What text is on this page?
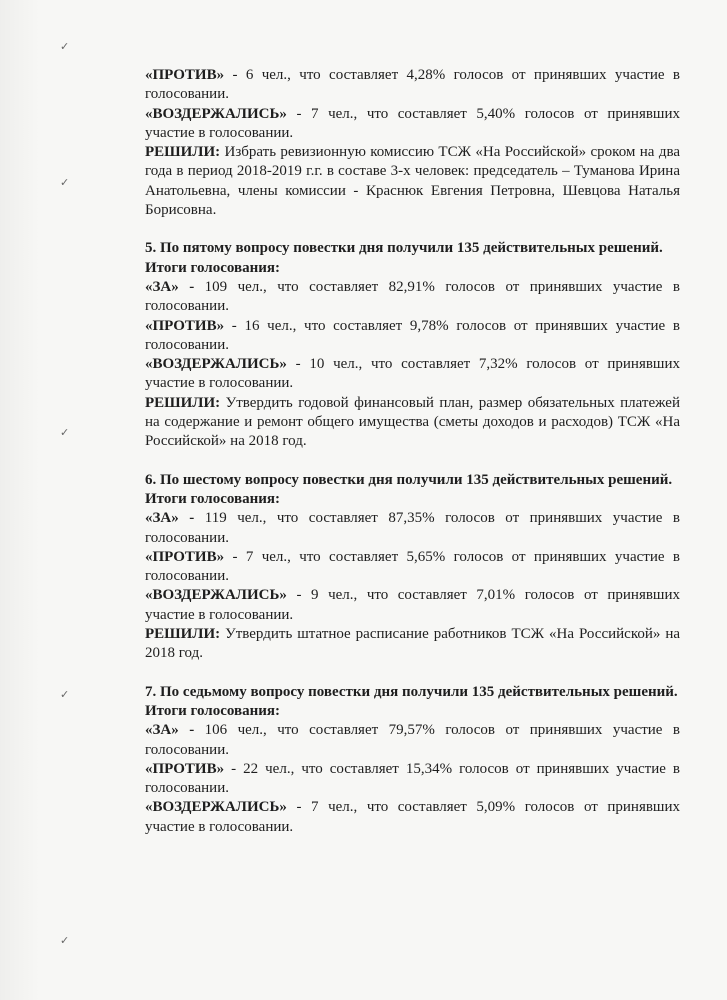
✓
✓
✓
✓
✓

«ПРОТИВ» - 6 чел., что составляет 4,28% голосов от принявших участие в голосовании.

«ВОЗДЕРЖАЛИСЬ» - 7 чел., что составляет 5,40% голосов от принявших участие в голосовании.

РЕШИЛИ: Избрать ревизионную комиссию ТСЖ «На Российской» сроком на два года в период 2018-2019 г.г. в составе 3-х человек: председатель – Туманова Ирина Анатольевна, члены комиссии - Краснюк Евгения Петровна, Шевцова Наталья Борисовна.

5. По пятому вопросу повестки дня получили 135 действительных решений.

Итоги голосования:

«ЗА» - 109 чел., что составляет 82,91% голосов от принявших участие в голосовании.

«ПРОТИВ» - 16 чел., что составляет 9,78% голосов от принявших участие в голосовании.

«ВОЗДЕРЖАЛИСЬ» - 10 чел., что составляет 7,32% голосов от принявших участие в голосовании.

РЕШИЛИ: Утвердить годовой финансовый план, размер обязательных платежей на содержание и ремонт общего имущества (сметы доходов и расходов) ТСЖ «На Российской» на 2018 год.

6. По шестому вопросу повестки дня получили 135 действительных решений.

Итоги голосования:

«ЗА» - 119 чел., что составляет 87,35% голосов от принявших участие в голосовании.

«ПРОТИВ» - 7 чел., что составляет 5,65% голосов от принявших участие в голосовании.

«ВОЗДЕРЖАЛИСЬ» - 9 чел., что составляет 7,01% голосов от принявших участие в голосовании.

РЕШИЛИ: Утвердить штатное расписание работников ТСЖ «На Российской» на 2018 год.

7. По седьмому вопросу повестки дня получили 135 действительных решений.

Итоги голосования:

«ЗА» - 106 чел., что составляет 79,57% голосов от принявших участие в голосовании.

«ПРОТИВ» - 22 чел., что составляет 15,34% голосов от принявших участие в голосовании.

«ВОЗДЕРЖАЛИСЬ» - 7 чел., что составляет 5,09% голосов от принявших участие в голосовании.
